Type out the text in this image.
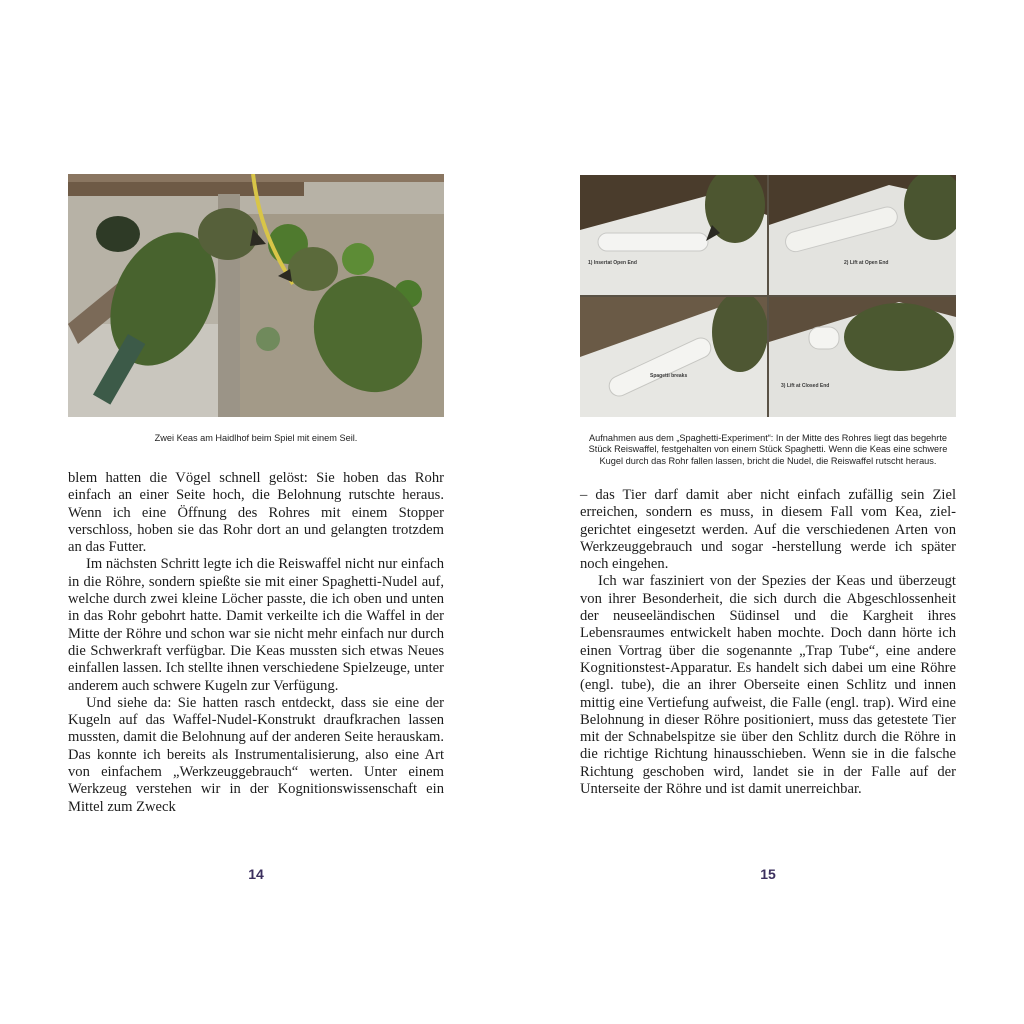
Zwei Keas am Haidlhof beim Spiel mit einem Seil.

blem hatten die Vögel schnell gelöst: Sie hoben das Rohr einfach an einer Seite hoch, die Belohnung rutschte heraus. Wenn ich eine Öffnung des Rohres mit einem Stopper verschloss, hoben sie das Rohr dort an und gelangten trotzdem an das Futter.

Im nächsten Schritt legte ich die Reiswaffel nicht nur einfach in die Röhre, sondern spießte sie mit einer Spaghetti-Nudel auf, welche durch zwei kleine Löcher passte, die ich oben und unten in das Rohr gebohrt hatte. Damit verkeilte ich die Waffel in der Mitte der Röhre und schon war sie nicht mehr einfach nur durch die Schwerkraft verfügbar. Die Keas mussten sich etwas Neues einfallen lassen. Ich stellte ihnen verschiedene Spielzeuge, unter anderem auch schwere Kugeln zur Verfügung.

Und siehe da: Sie hatten rasch entdeckt, dass sie eine der Kugeln auf das Waffel-Nudel-Konstrukt draufkrachen lassen mussten, damit die Belohnung auf der anderen Seite herauskam. Das konnte ich bereits als Instrumentalisierung, also eine Art von einfachem „Werkzeuggebrauch“ werten. Unter einem Werkzeug verstehen wir in der Kognitionswissenschaft ein Mittel zum Zweck

14
1) Insertat Open End	2) Lift at Open End
Spagetti breaks
3) Lift at Closed End
Aufnahmen aus dem „Spaghetti-Experiment“: In der Mitte des Rohres liegt das begehrte Stück Reiswaffel, festgehalten von einem Stück Spaghetti. Wenn die Keas eine schwere Kugel durch das Rohr fallen lassen, bricht die Nudel, die Reiswaffel rutscht heraus.

– das Tier darf damit aber nicht einfach zufällig sein Ziel erreichen, sondern es muss, in diesem Fall vom Kea, zielgerichtet eingesetzt werden. Auf die verschiedenen Arten von Werkzeuggebrauch und sogar -herstellung werde ich später noch eingehen.

Ich war fasziniert von der Spezies der Keas und überzeugt von ihrer Besonderheit, die sich durch die Abgeschlossenheit der neuseeländischen Südinsel und die Kargheit ihres Lebensraumes entwickelt haben mochte. Doch dann hörte ich einen Vortrag über die sogenannte „Trap Tube“, eine andere Kognitionstest-Apparatur. Es handelt sich dabei um eine Röhre (engl. tube), die an ihrer Oberseite einen Schlitz und innen mittig eine Vertiefung aufweist, die Falle (engl. trap). Wird eine Belohnung in dieser Röhre positioniert, muss das getestete Tier mit der Schnabelspitze sie über den Schlitz durch die Röhre in die richtige Richtung hinausschieben. Wenn sie in die falsche Richtung geschoben wird, landet sie in der Falle auf der Unterseite der Röhre und ist damit unerreichbar.

15
